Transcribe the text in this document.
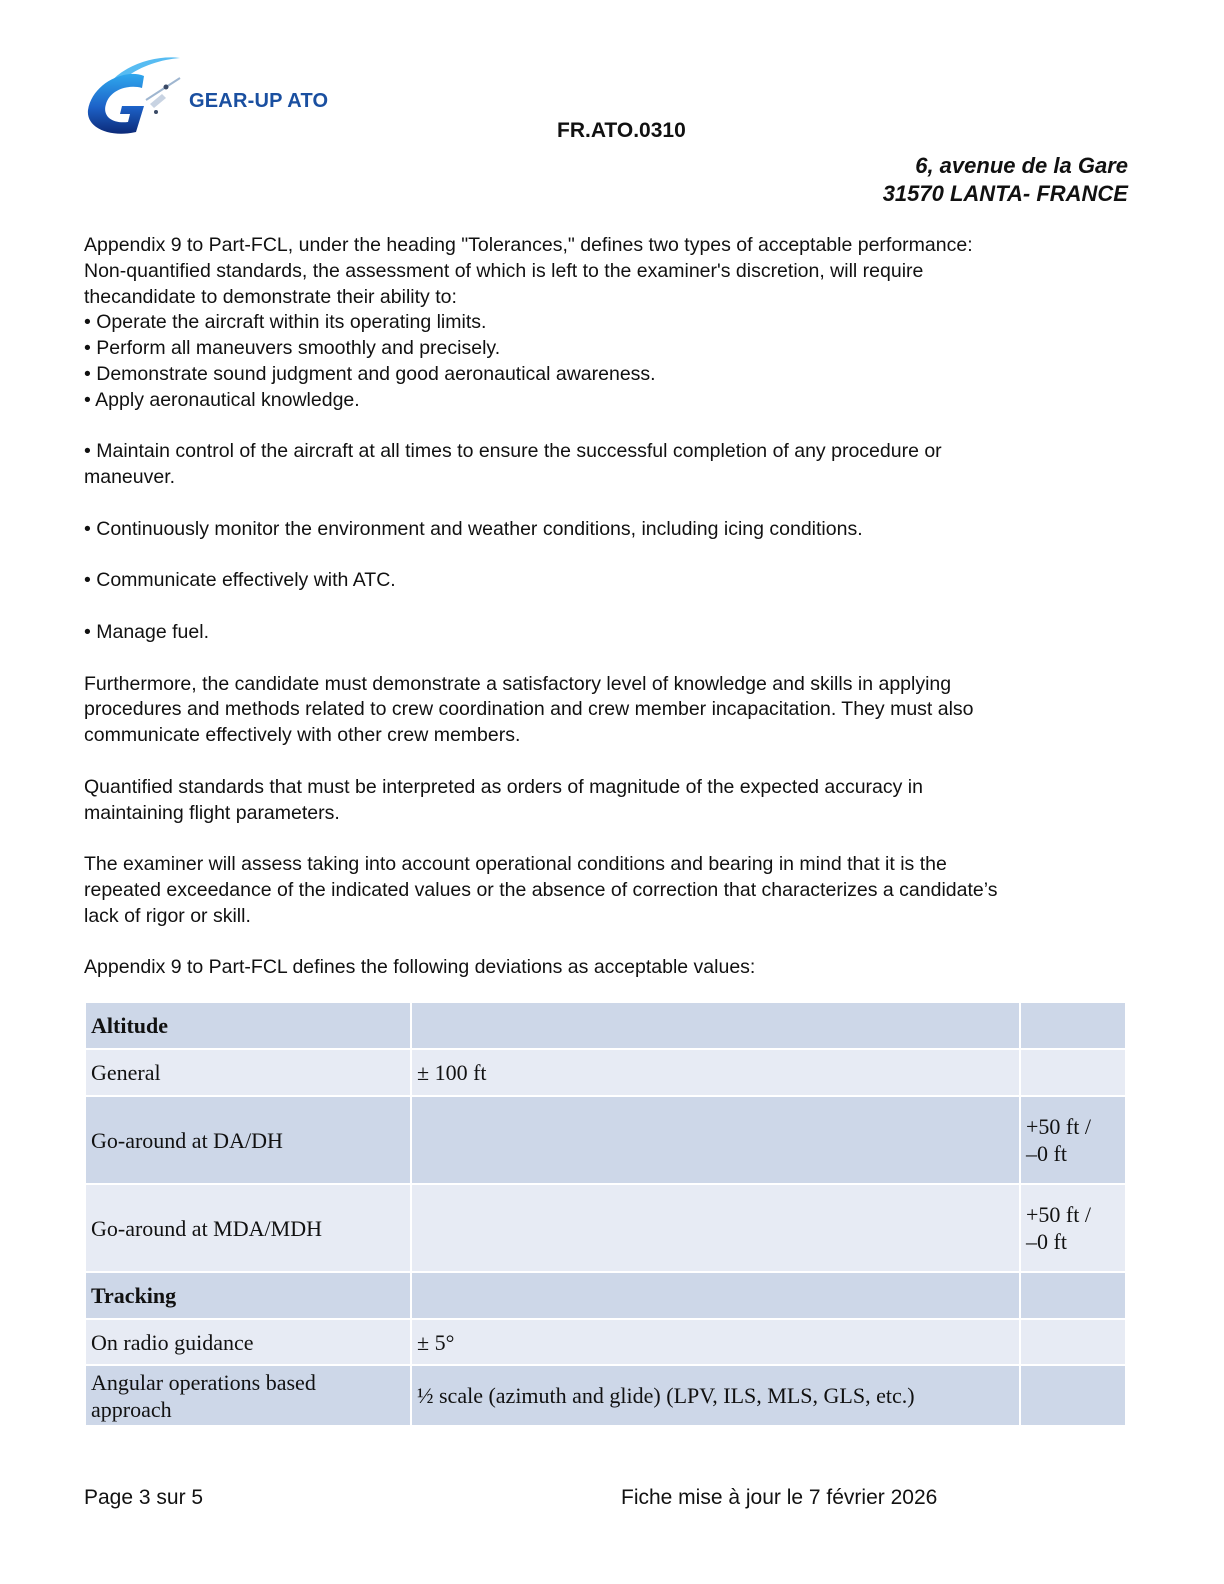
GEAR-UP ATO
FR.ATO.0310
6, avenue de la Gare
31570 LANTA- FRANCE

Appendix 9 to Part-FCL, under the heading "Tolerances," defines two types of acceptable performance:

Non-quantified standards, the assessment of which is left to the examiner's discretion, will require

thecandidate to demonstrate their ability to:

• Operate the aircraft within its operating limits.

• Perform all maneuvers smoothly and precisely.

• Demonstrate sound judgment and good aeronautical awareness.

• Apply aeronautical knowledge.

• Maintain control of the aircraft at all times to ensure the successful completion of any procedure or

maneuver.

• Continuously monitor the environment and weather conditions, including icing conditions.

• Communicate effectively with ATC.

• Manage fuel.

Furthermore, the candidate must demonstrate a satisfactory level of knowledge and skills in applying

procedures and methods related to crew coordination and crew member incapacitation. They must also

communicate effectively with other crew members.

Quantified standards that must be interpreted as orders of magnitude of the expected accuracy in

maintaining flight parameters.

The examiner will assess taking into account operational conditions and bearing in mind that it is the

repeated exceedance of the indicated values or the absence of correction that characterizes a candidate’s

lack of rigor or skill.

Appendix 9 to Part-FCL defines the following deviations as acceptable values:

Altitude		
General	± 100 ft	
Go-around at DA/DH		+50 ft /
–0 ft

Go-around at MDA/MDH		+50 ft /
–0 ft

Tracking		
On radio guidance	± 5°	

Angular operations based
approach	½ scale (azimuth and glide) (LPV, ILS, MLS, GLS, etc.)	
Page 3 sur 5	Fiche mise à jour le 7 février 2026
